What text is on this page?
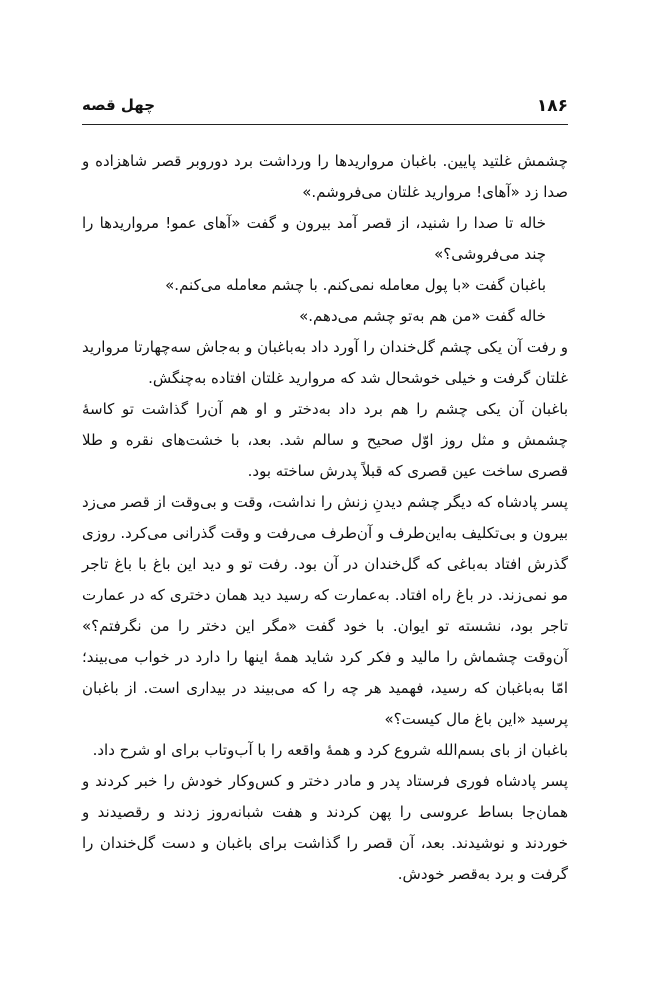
۱۸۶
چهل قصه

چشمش غلتید پایین. باغبان مرواریدها را ورداشت برد دوروبر قصر شاهزاده و صدا زد «آهای! مروارید غلتان می‌فروشم.»

خاله تا صدا را شنید، از قصر آمد بیرون و گفت «آهای عمو! مرواریدها را چند می‌فروشی؟»

باغبان گفت «با پول معامله نمی‌کنم. با چشم معامله می‌کنم.»

خاله گفت «من هم به‌تو چشم می‌دهم.»

و رفت آن یکی چشم گل‌خندان را آورد داد به‌باغبان و به‌جاش سه‌چهارتا مروارید غلتان گرفت و خیلی خوشحال شد که مروارید غلتان افتاده به‌چنگش.

باغبان آن یکی چشم را هم برد داد به‌دختر و او هم آن‌را گذاشت تو کاسهٔ چشمش و مثل روز اوّل صحیح و سالم شد. بعد، با خشت‌های نقره و طلا قصری ساخت عین قصری که قبلاً پدرش ساخته بود.

پسر پادشاه که دیگر چشم دیدنِ زنش را نداشت، وقت و بی‌وقت از قصر می‌زد بیرون و بی‌تکلیف به‌این‌طرف و آن‌طرف می‌رفت و وقت گذرانی می‌کرد. روزی گذرش افتاد به‌باغی که گل‌خندان در آن بود. رفت تو و دید این باغ با باغ تاجر مو نمی‌زند. در باغ راه افتاد. به‌عمارت که رسید دید همان دختری که در عمارت تاجر بود، نشسته تو ایوان. با خود گفت «مگر این دختر را من نگرفتم؟» آن‌وقت چشماش را مالید و فکر کرد شاید همهٔ اینها را دارد در خواب می‌بیند؛ امّا به‌باغبان که رسید، فهمید هر چه را که می‌بیند در بیداری است. از باغبان پرسید «این باغ مال کیست؟»

باغبان از بای بسم‌الله شروع کرد و همهٔ واقعه را با آب‌و‌تاب برای او شرح داد.

پسر پادشاه فوری فرستاد پدر و مادر دختر و کس‌وکار خودش را خبر کردند و همان‌جا بساط عروسی را پهن کردند و هفت شبانه‌روز زدند و رقصیدند و خوردند و نوشیدند. بعد، آن قصر را گذاشت برای باغبان و دست گل‌خندان را گرفت و برد به‌قصر خودش.
